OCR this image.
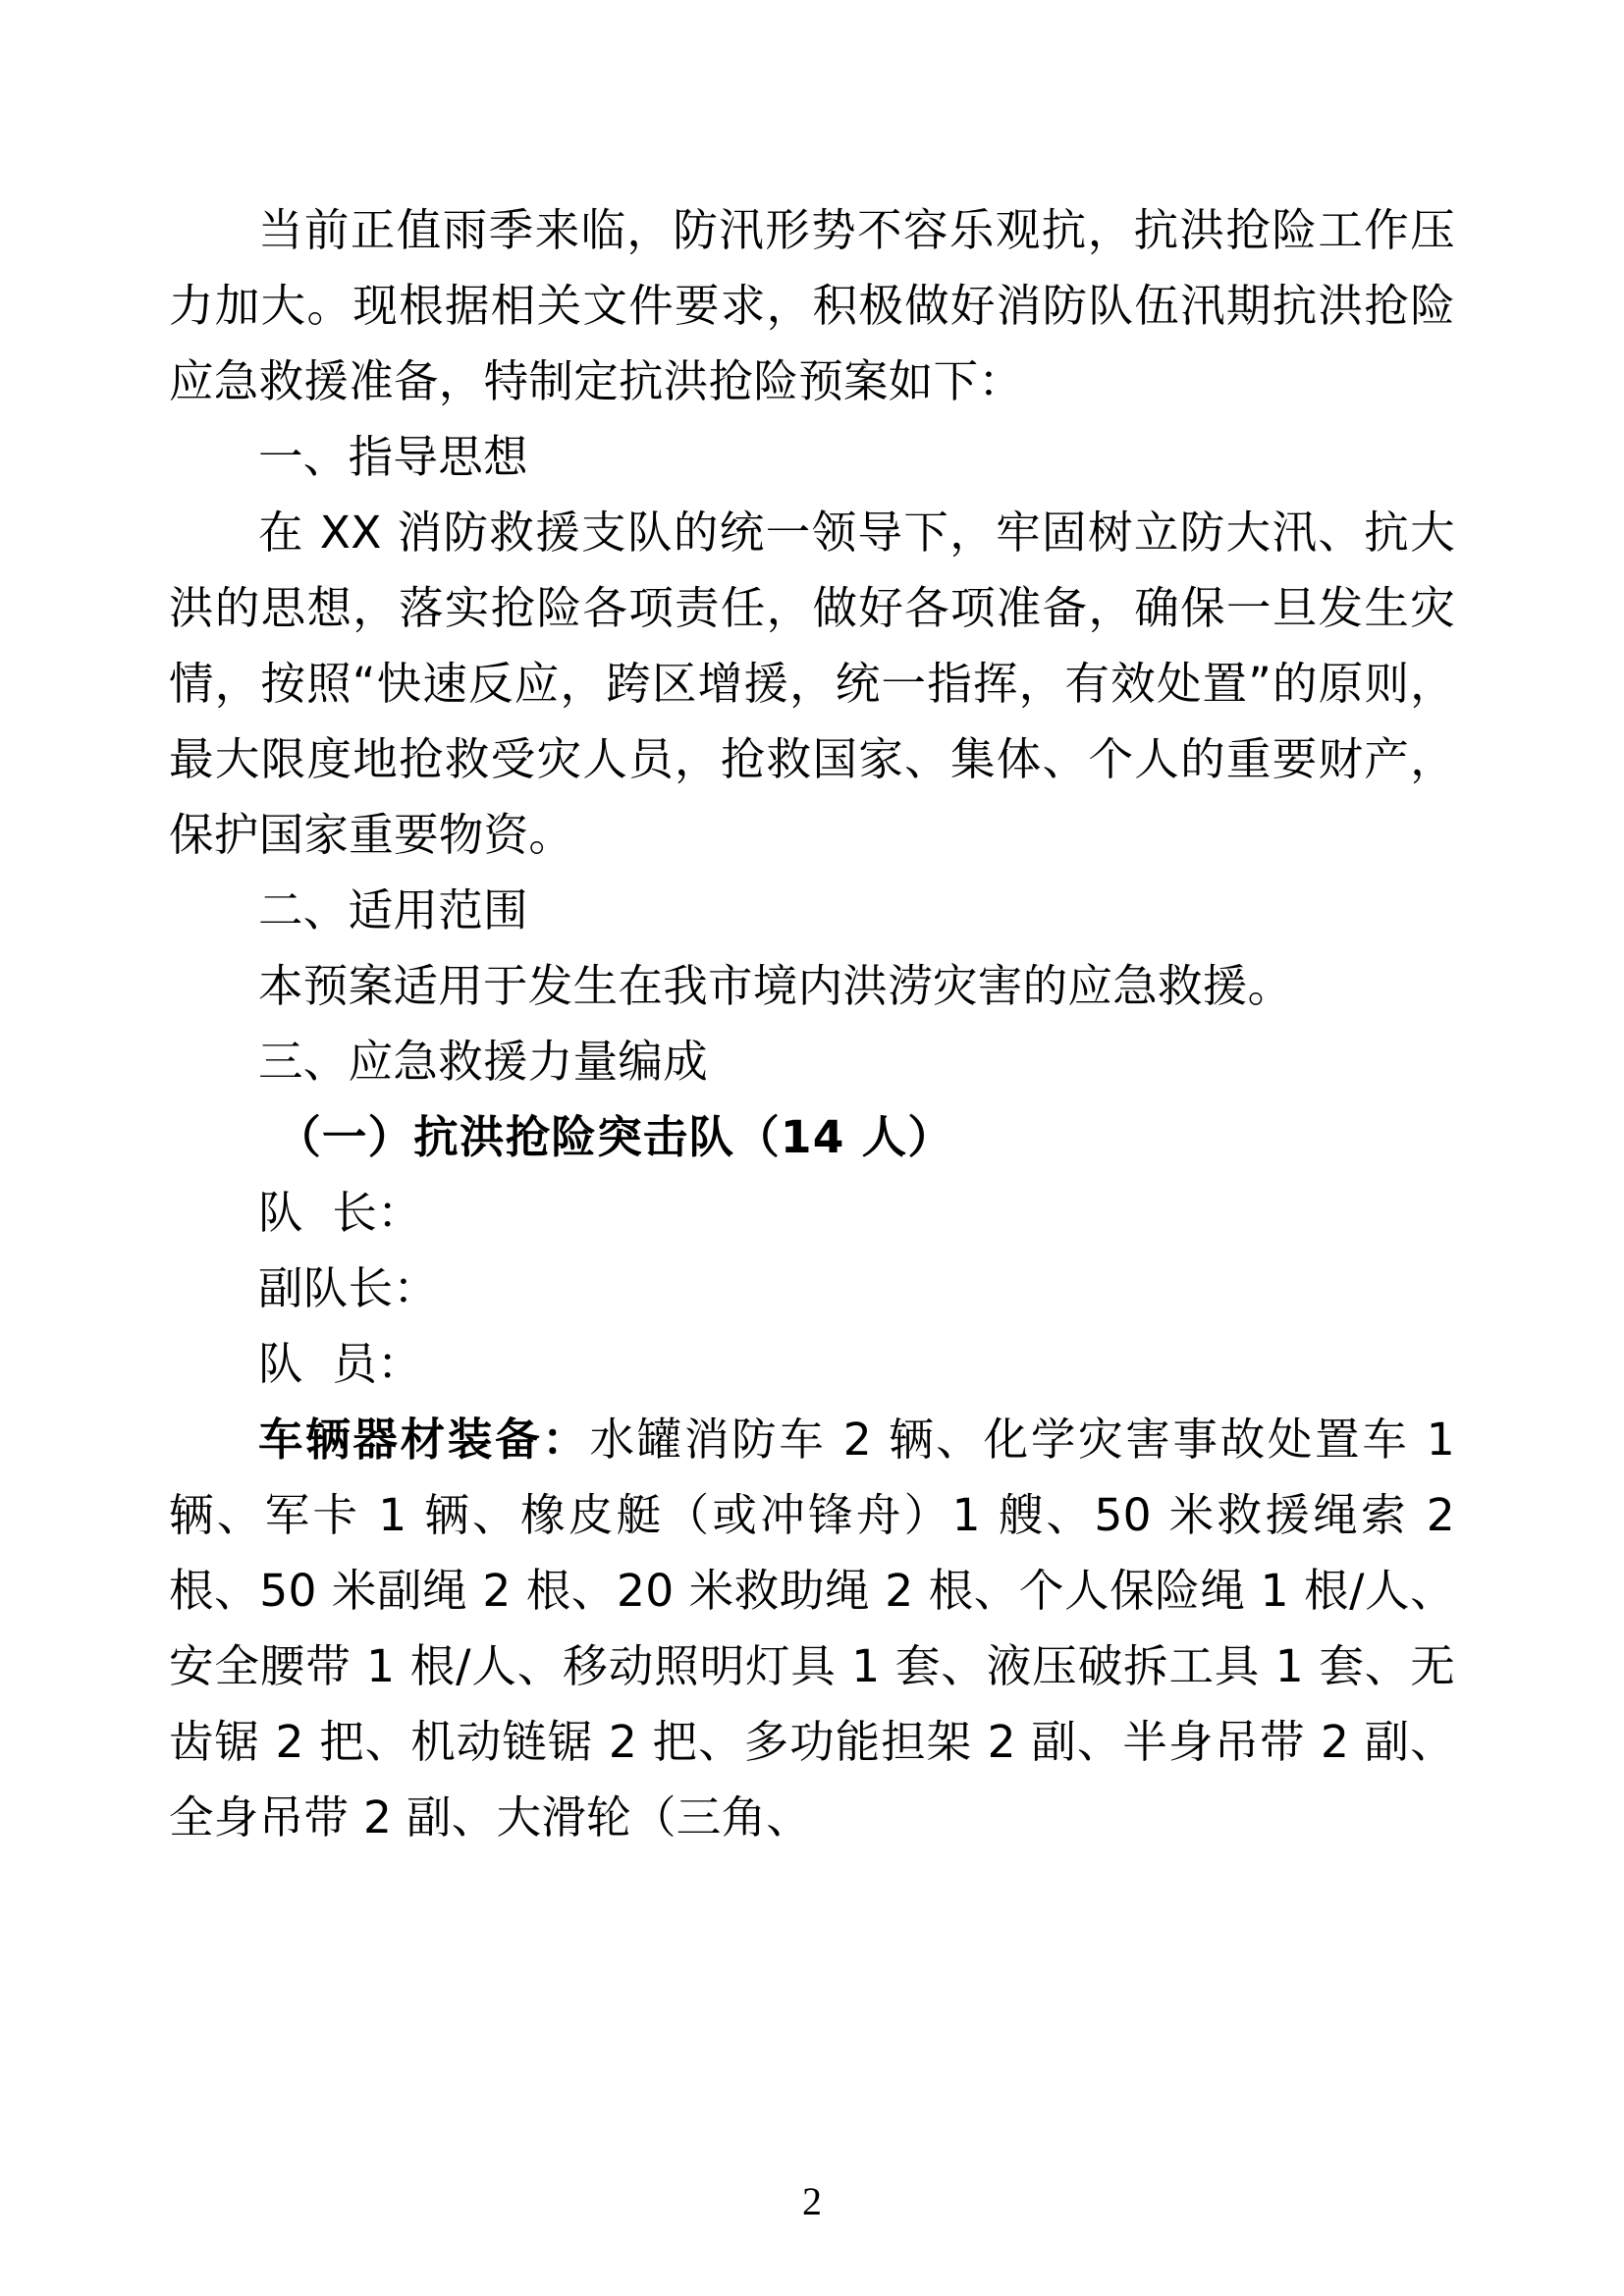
当前正值雨季来临，防汛形势不容乐观抗，抗洪抢险工作压力加大。现根据相关文件要求，积极做好消防队伍汛期抗洪抢险应急救援准备，特制定抗洪抢险预案如下：

一、指导思想

在 XX 消防救援支队的统一领导下，牢固树立防大汛、抗大洪的思想，落实抢险各项责任，做好各项准备，确保一旦发生灾情，按照“快速反应，跨区增援，统一指挥，有效处置”的原则，最大限度地抢救受灾人员，抢救国家、集体、个人的重要财产，保护国家重要物资。

二、适用范围

本预案适用于发生在我市境内洪涝灾害的应急救援。

三、应急救援力量编成

（一）抗洪抢险突击队（14 人）

队  长：

副队长：

队  员：

车辆器材装备：水罐消防车 2 辆、化学灾害事故处置车 1 辆、军卡 1 辆、橡皮艇（或冲锋舟）1 艘、50 米救援绳索 2 根、50 米副绳 2 根、20 米救助绳 2 根、个人保险绳 1 根/人、安全腰带 1 根/人、移动照明灯具 1 套、液压破拆工具 1 套、无齿锯 2 把、机动链锯 2 把、多功能担架 2 副、半身吊带 2 副、全身吊带 2 副、大滑轮（三角、

2
